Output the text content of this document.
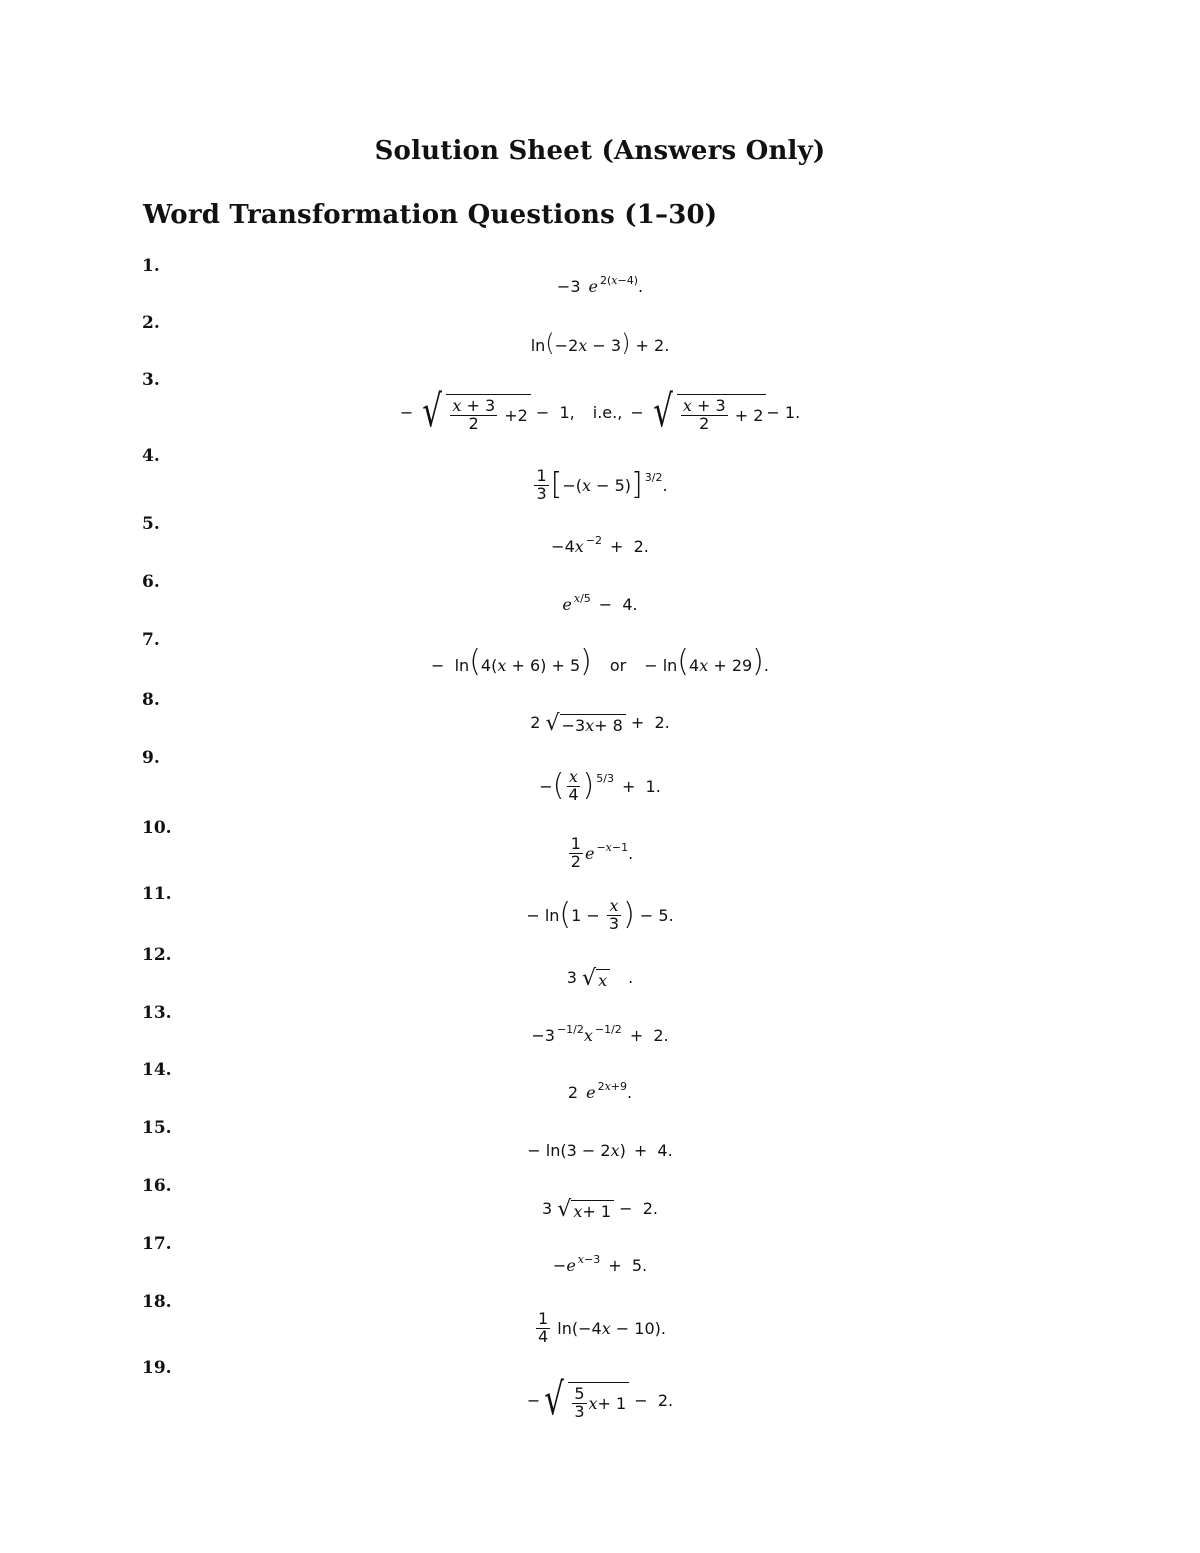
Solution Sheet (Answers Only)
Word Transformation Questions (1–30)
1.
2.
3.
4.
5.
6.
7.
8.
9.
10.
11.
12.
13.
14.
15.
16.
17.
18.
19.
−3 e $^{2(x-4)}$.
ln(−2x − 3) + 2.
− √ $\frac{x + 3}{2} +2 - 1$, i.e., − √ $\frac{x + 3}{2} + 2 - 1$.
$\frac{1}{3}$ [ −(x − 5) ] 3/2 .
−4x $^{-2}$ +  2.
e $^{x/5}$ −  4.
−  ln(4(x + 6) + 5) or − ln(4x + 29).
2 √ −3 x + 8 +  2.
− ( $\frac{x}{4}$ ) 5/3 +  1.
$\frac{1}{2}$ e $^{-x-1}$.
− ln ( $1 - \frac{x}{3}$ ) − 5.
3 √ x	.
−3 $^{-1/2}$x $^{-1/2}$ +  2.
2 e $^{2x+9}$.
− ln(3 − 2x) +  4.
3 √ x + 1 −  2.
−e $^{x-3}$ +  5.
$\frac{1}{4} \ln(-4x - 10)$.
− √ $\frac{5}{3}$ x + 1 −  2.
